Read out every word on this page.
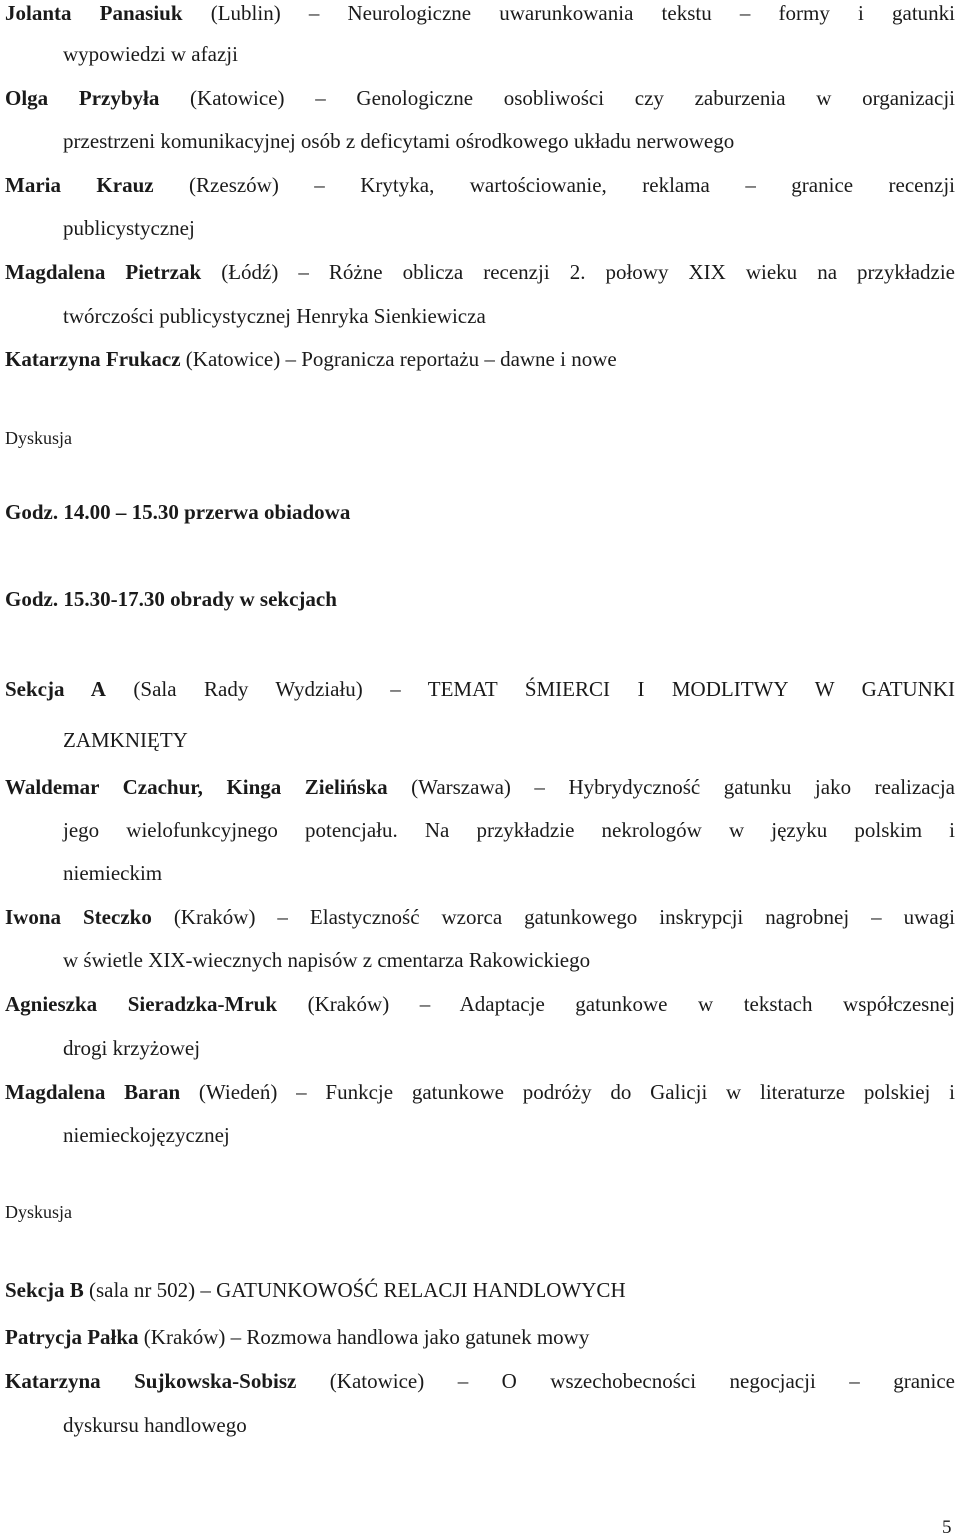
Jolanta Panasiuk (Lublin) – Neurologiczne uwarunkowania tekstu – formy i gatunki
wypowiedzi w afazji
Olga Przybyła (Katowice) – Genologiczne osobliwości czy zaburzenia w organizacji
przestrzeni komunikacyjnej osób z deficytami ośrodkowego układu nerwowego
Maria Krauz (Rzeszów) – Krytyka, wartościowanie, reklama – granice recenzji
publicystycznej
Magdalena Pietrzak (Łódź) – Różne oblicza recenzji 2. połowy XIX wieku na przykładzie
twórczości publicystycznej Henryka Sienkiewicza
Katarzyna Frukacz (Katowice) – Pogranicza reportażu – dawne i nowe
Dyskusja
Godz. 14.00 – 15.30 przerwa obiadowa
Godz. 15.30-17.30 obrady w sekcjach
Sekcja A (Sala Rady Wydziału) – TEMAT ŚMIERCI I MODLITWY W GATUNKI
ZAMKNIĘTY
Waldemar Czachur, Kinga Zielińska (Warszawa) – Hybrydyczność gatunku jako realizacja
jego wielofunkcyjnego potencjału. Na przykładzie nekrologów w języku polskim i
niemieckim
Iwona Steczko (Kraków) – Elastyczność wzorca gatunkowego inskrypcji nagrobnej – uwagi
w świetle XIX-wiecznych napisów z cmentarza Rakowickiego
Agnieszka Sieradzka-Mruk (Kraków) – Adaptacje gatunkowe w tekstach współczesnej
drogi krzyżowej
Magdalena Baran (Wiedeń) – Funkcje gatunkowe podróży do Galicji w literaturze polskiej i
niemieckojęzycznej
Dyskusja
Sekcja B (sala nr 502) – GATUNKOWOŚĆ RELACJI HANDLOWYCH
Patrycja Pałka (Kraków) – Rozmowa handlowa jako gatunek mowy
Katarzyna Sujkowska-Sobisz (Katowice) – O wszechobecności negocjacji – granice
dyskursu handlowego
5
